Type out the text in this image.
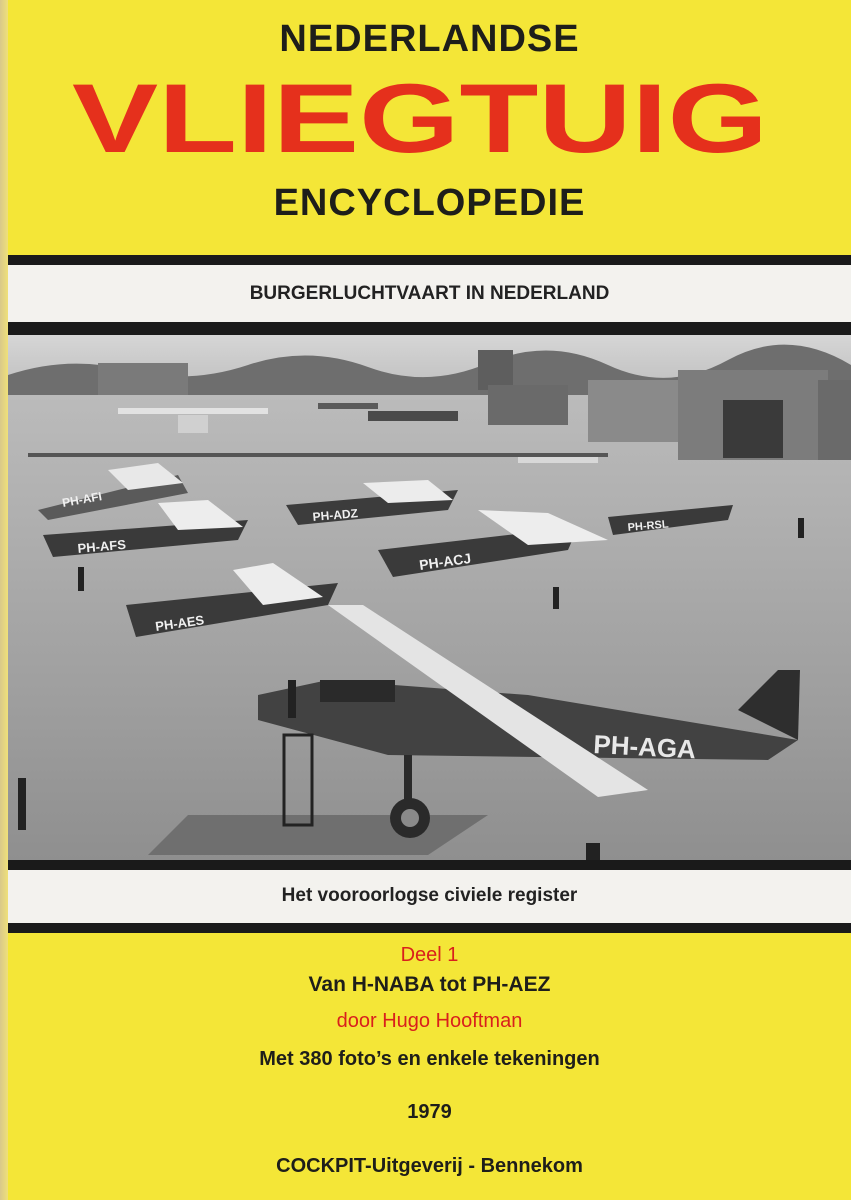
NEDERLANDSE
VLIEGTUIG
ENCYCLOPEDIE
BURGERLUCHTVAART IN NEDERLAND
PH-AFI
PH-ADZ
PH-AFS
PH-ACJ
PH-RSL
PH-AES
PH-AGA
Het vooroorlogse civiele register
Deel 1
Van H-NABA tot PH-AEZ
door Hugo Hooftman
Met 380 foto’s en enkele tekeningen
1979
COCKPIT-Uitgeverij - Bennekom
